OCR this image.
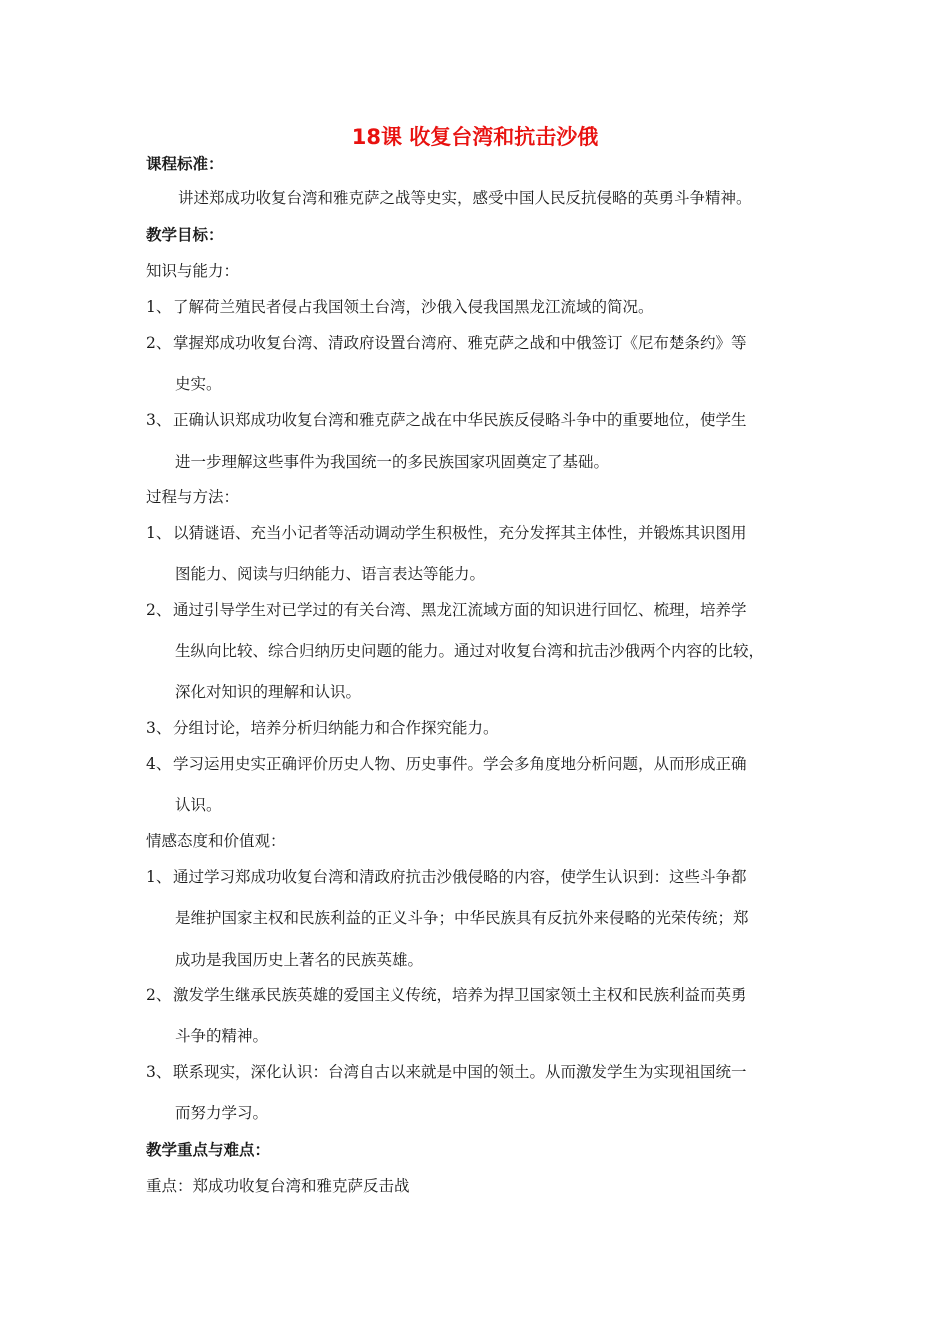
18课 收复台湾和抗击沙俄
课程标准：
讲述郑成功收复台湾和雅克萨之战等史实，感受中国人民反抗侵略的英勇斗争精神。
教学目标：
知识与能力：
1、 了解荷兰殖民者侵占我国领土台湾，沙俄入侵我国黑龙江流域的简况。
2、 掌握郑成功收复台湾、清政府设置台湾府、雅克萨之战和中俄签订《尼布楚条约》等
史实。
3、 正确认识郑成功收复台湾和雅克萨之战在中华民族反侵略斗争中的重要地位，使学生
进一步理解这些事件为我国统一的多民族国家巩固奠定了基础。
过程与方法：
1、 以猜谜语、充当小记者等活动调动学生积极性，充分发挥其主体性，并锻炼其识图用
图能力、阅读与归纳能力、语言表达等能力。
2、 通过引导学生对已学过的有关台湾、黑龙江流域方面的知识进行回忆、梳理，培养学
生纵向比较、综合归纳历史问题的能力。通过对收复台湾和抗击沙俄两个内容的比较，
深化对知识的理解和认识。
3、 分组讨论，培养分析归纳能力和合作探究能力。
4、 学习运用史实正确评价历史人物、历史事件。学会多角度地分析问题，从而形成正确
认识。
情感态度和价值观：
1、 通过学习郑成功收复台湾和清政府抗击沙俄侵略的内容，使学生认识到：这些斗争都
是维护国家主权和民族利益的正义斗争；中华民族具有反抗外来侵略的光荣传统；郑
成功是我国历史上著名的民族英雄。
2、 激发学生继承民族英雄的爱国主义传统，培养为捍卫国家领土主权和民族利益而英勇
斗争的精神。
3、 联系现实，深化认识：台湾自古以来就是中国的领土。从而激发学生为实现祖国统一
而努力学习。
教学重点与难点：
重点：郑成功收复台湾和雅克萨反击战
